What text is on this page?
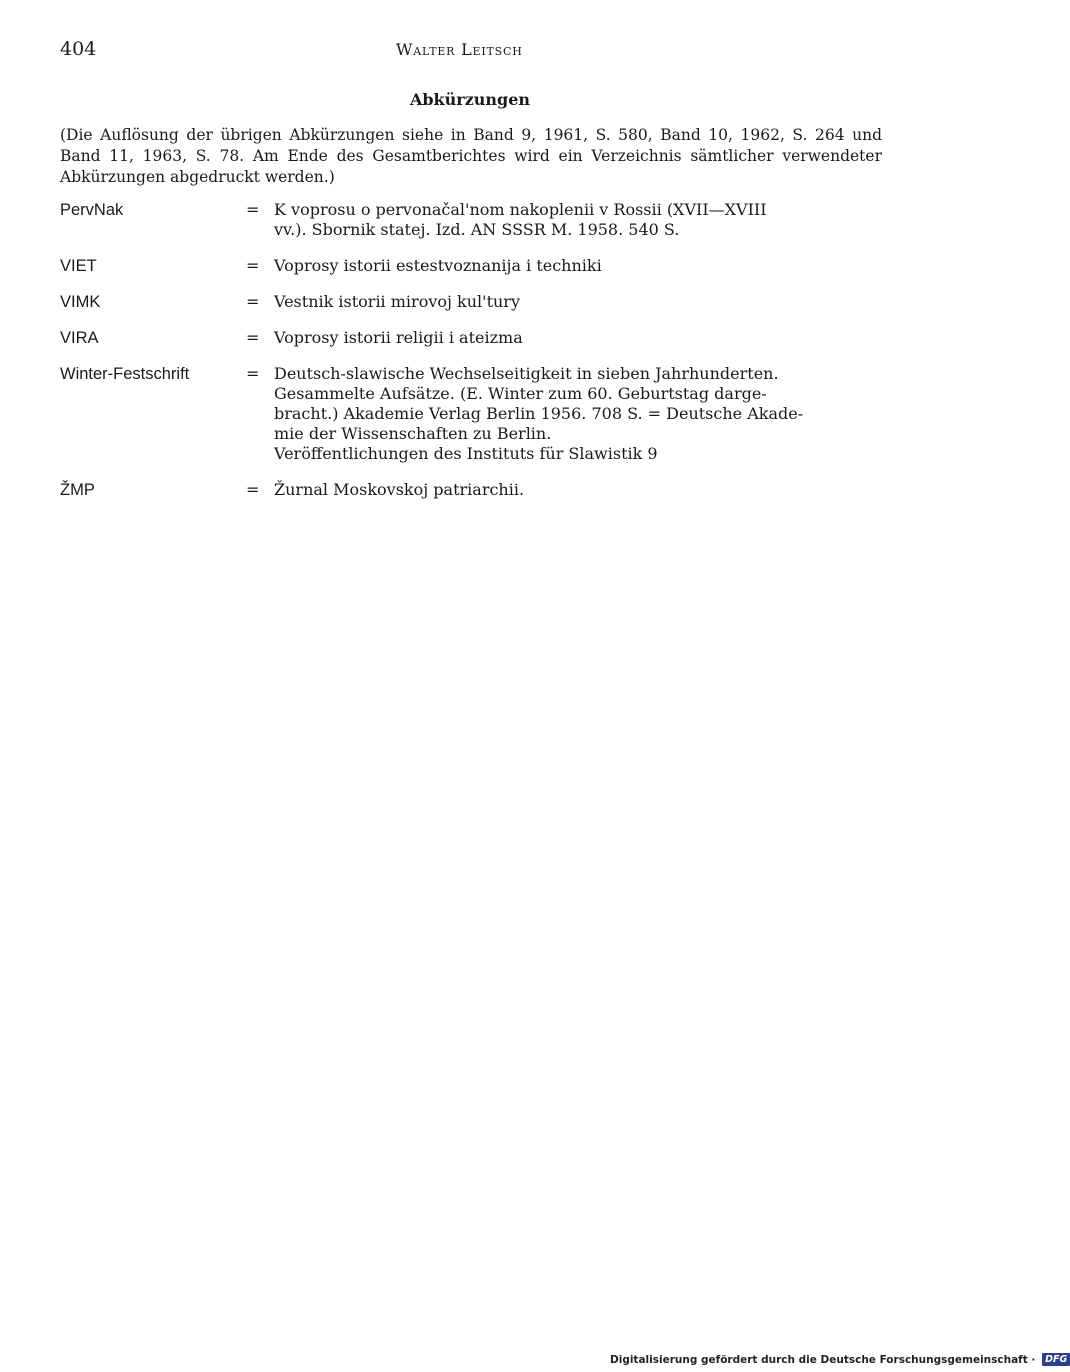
404	Walter Leitsch
Abkürzungen
(Die Auflösung der übrigen Abkürzungen siehe in Band 9, 1961, S. 580, Band 10, 1962, S. 264 und Band 11, 1963, S. 78. Am Ende des Gesamtberichtes wird ein Verzeichnis sämtlicher verwendeter Abkürzungen abgedruckt werden.)
PervNak	= K voprosu o pervonačal'nom nakoplenii v Rossii (XVII—XVIII
vv.). Sbornik statej. Izd. AN SSSR M. 1958. 540 S.
VIET	= Voprosy istorii estestvoznanija i techniki
VIMK	= Vestnik istorii mirovoj kul'tury
VIRA	= Voprosy istorii religii i ateizma
Winter-Festschrift	= Deutsch-slawische Wechselseitigkeit in sieben Jahrhunderten.
Gesammelte Aufsätze. (E. Winter zum 60. Geburtstag darge-
bracht.) Akademie Verlag Berlin 1956. 708 S. = Deutsche Akade-
mie der Wissenschaften zu Berlin.
Veröffentlichungen des Instituts für Slawistik 9
ŽMP	= Žurnal Moskovskoj patriarchii.
Digitalisierung gefördert durch die Deutsche Forschungsgemeinschaft · DFG
